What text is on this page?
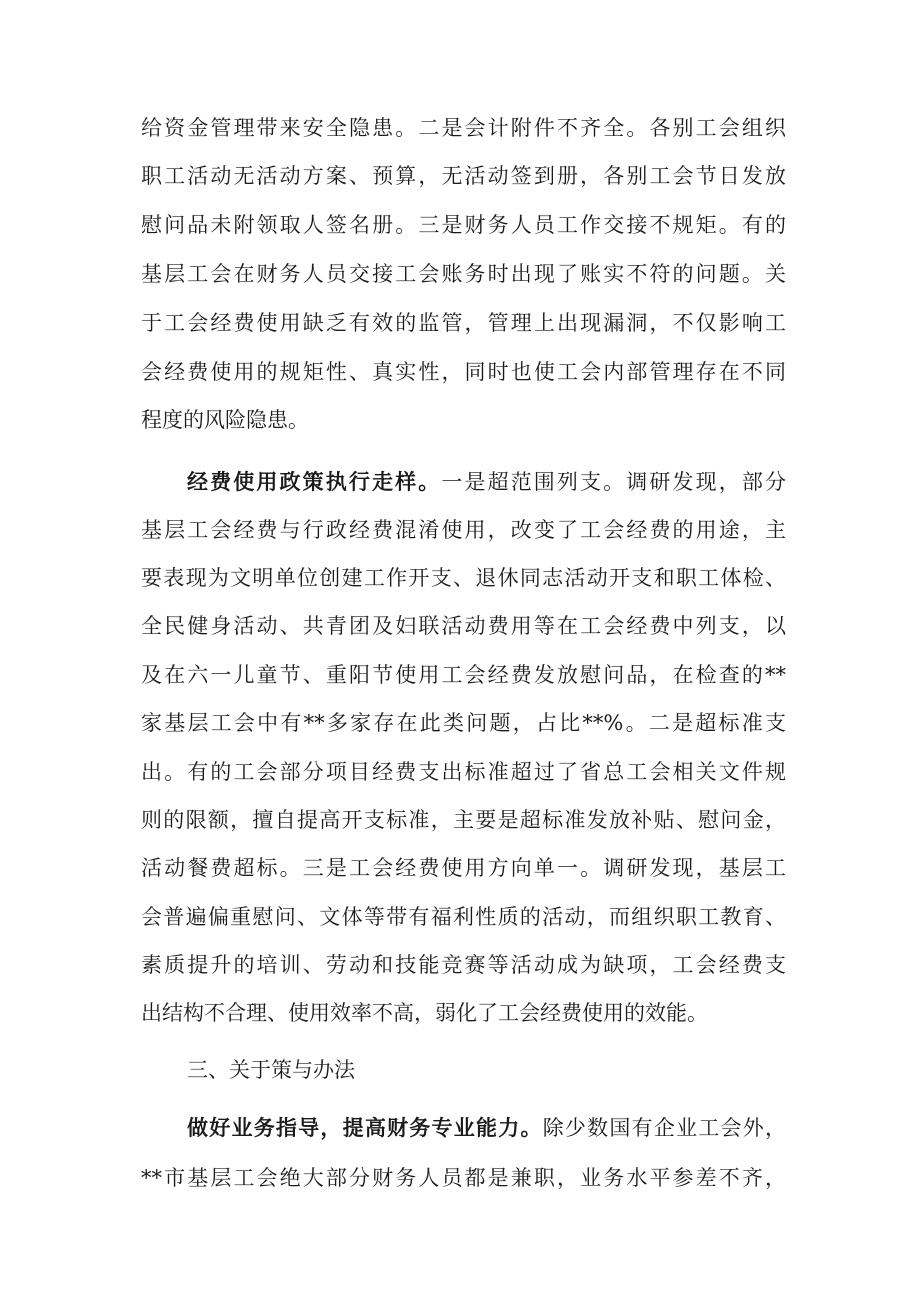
给资金管理带来安全隐患。二是会计附件不齐全。各别工会组织
职工活动无活动方案、预算，无活动签到册，各别工会节日发放
慰问品未附领取人签名册。三是财务人员工作交接不规矩。有的
基层工会在财务人员交接工会账务时出现了账实不符的问题。关
于工会经费使用缺乏有效的监管，管理上出现漏洞，不仅影响工
会经费使用的规矩性、真实性，同时也使工会内部管理存在不同
程度的风险隐患。
经费使用政策执行走样。一是超范围列支。调研发现，部分
基层工会经费与行政经费混淆使用，改变了工会经费的用途，主
要表现为文明单位创建工作开支、退休同志活动开支和职工体检、
全民健身活动、共青团及妇联活动费用等在工会经费中列支，以
及在六一儿童节、重阳节使用工会经费发放慰问品，在检查的**
家基层工会中有**多家存在此类问题，占比**%。二是超标准支
出。有的工会部分项目经费支出标准超过了省总工会相关文件规
则的限额，擅自提高开支标准，主要是超标准发放补贴、慰问金，
活动餐费超标。三是工会经费使用方向单一。调研发现，基层工
会普遍偏重慰问、文体等带有福利性质的活动，而组织职工教育、
素质提升的培训、劳动和技能竞赛等活动成为缺项，工会经费支
出结构不合理、使用效率不高，弱化了工会经费使用的效能。
三、关于策与办法
做好业务指导，提高财务专业能力。除少数国有企业工会外，
**市基层工会绝大部分财务人员都是兼职，业务水平参差不齐，
